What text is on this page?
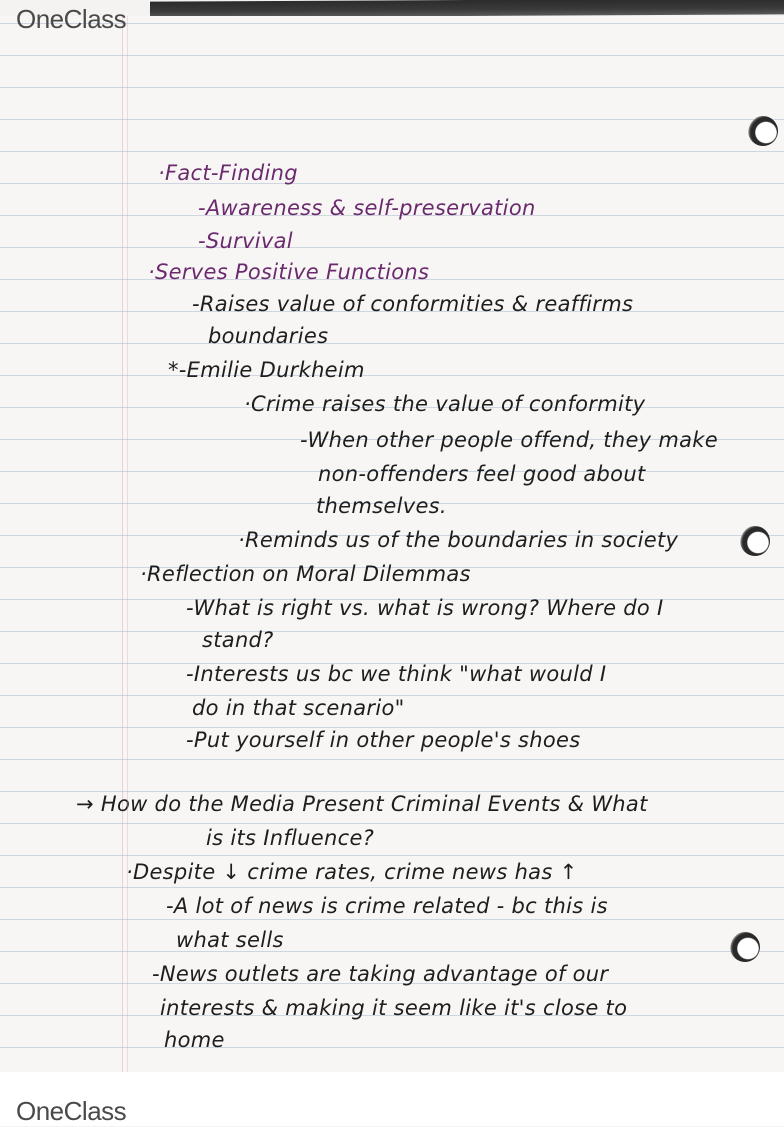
·Fact-Finding
-Awareness & self-preservation
-Survival
·Serves Positive Functions
-Raises value of conformities & reaffirms
boundaries
*-Emilie Durkheim
·Crime raises the value of conformity
-When other people offend, they make
non-offenders feel good about
themselves.
·Reminds us of the boundaries in society
·Reflection on Moral Dilemmas
-What is right vs. what is wrong? Where do I
stand?
-Interests us bc we think "what would I
do in that scenario"
-Put yourself in other people's shoes
→ How do the Media Present Criminal Events & What
is its Influence?
·Despite ↓ crime rates, crime news has ↑
-A lot of news is crime related - bc this is
what sells
-News outlets are taking advantage of our
interests & making it seem like it's close to
home
OneClass
OneClass
